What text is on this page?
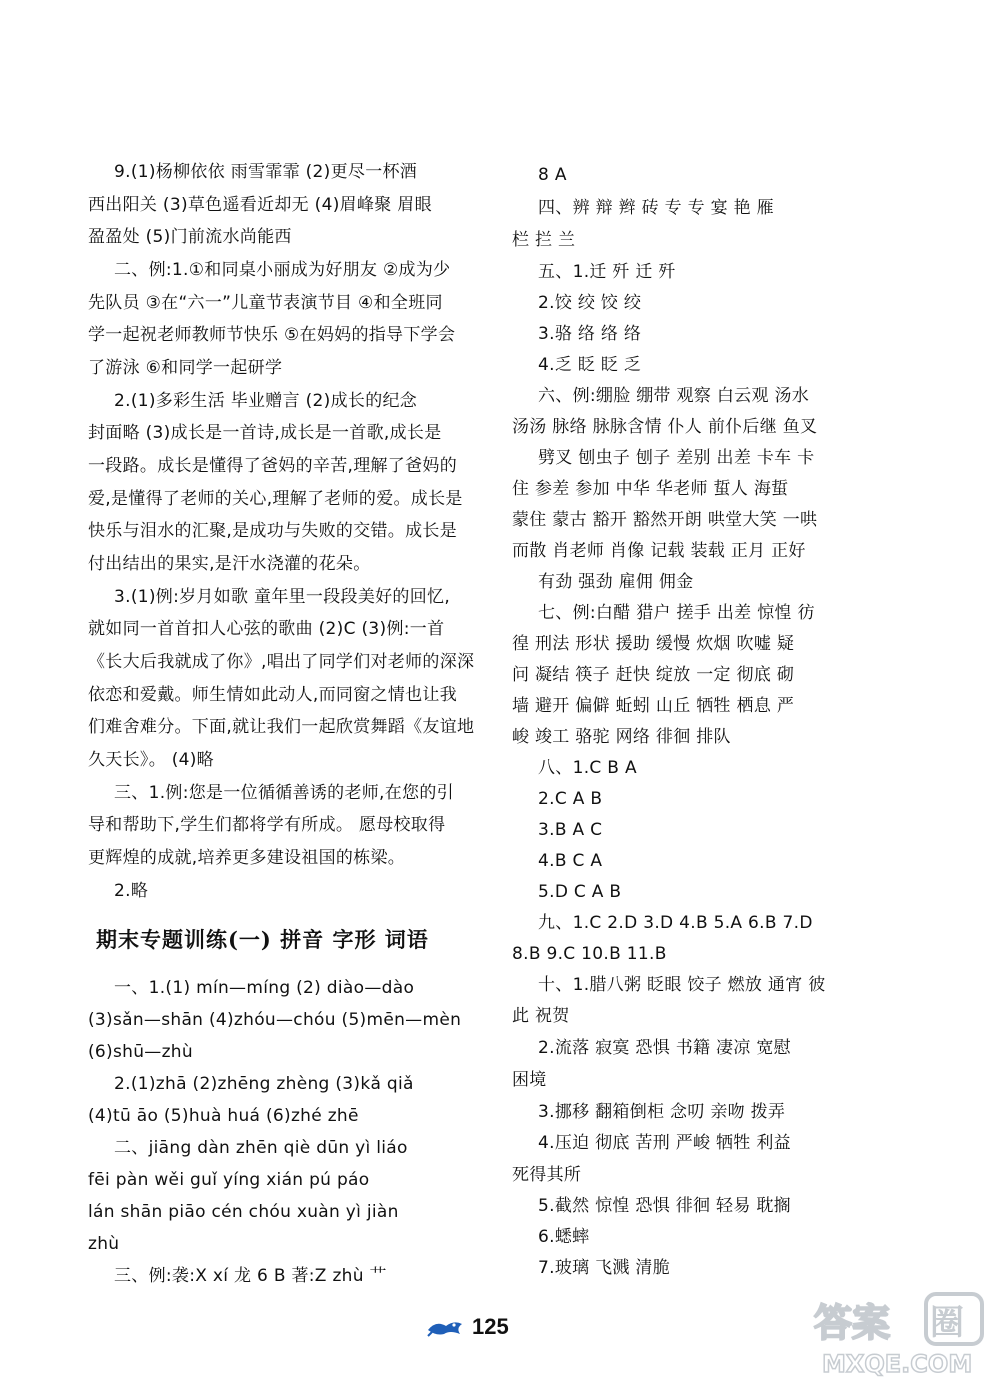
9.(1)杨柳依依 雨雪霏霏 (2)更尽一杯酒
西出阳关 (3)草色遥看近却无 (4)眉峰聚 眉眼
盈盈处 (5)门前流水尚能西
二、例:1.①和同桌小丽成为好朋友 ②成为少
先队员 ③在“六一”儿童节表演节目 ④和全班同
学一起祝老师教师节快乐 ⑤在妈妈的指导下学会
了游泳 ⑥和同学一起研学
2.(1)多彩生活 毕业赠言 (2)成长的纪念
封面略 (3)成长是一首诗,成长是一首歌,成长是
一段路。成长是懂得了爸妈的辛苦,理解了爸妈的
爱,是懂得了老师的关心,理解了老师的爱。成长是
快乐与泪水的汇聚,是成功与失败的交错。成长是
付出结出的果实,是汗水浇灌的花朵。
3.(1)例:岁月如歌 童年里一段段美好的回忆,
就如同一首首扣人心弦的歌曲 (2)C (3)例:一首
《长大后我就成了你》,唱出了同学们对老师的深深
依恋和爱戴。师生情如此动人,而同窗之情也让我
们难舍难分。下面,就让我们一起欣赏舞蹈《友谊地
久天长》。 (4)略
三、1.例:您是一位循循善诱的老师,在您的引
导和帮助下,学生们都将学有所成。 愿母校取得
更辉煌的成就,培养更多建设祖国的栋梁。
2.略
期末专题训练(一) 拼音 字形 词语
一、1.(1) mín—míng (2) diào—dào
(3)sǎn—shān (4)zhóu—chóu (5)mēn—mèn
(6)shū—zhù
2.(1)zhā (2)zhēng zhèng (3)kǎ qiǎ
(4)tū āo (5)huà huá (6)zhé zhē
二、jiāng dàn zhēn qiè dūn yì liáo
fēi pàn wěi guǐ yíng xián pú páo
lán shān piāo cén chóu xuàn yì jiàn
zhù
三、例:袭:X xí 龙 6 B 著:Z zhù 艹
8 A
四、辨 辩 辫 砖 专 专 宴 艳 雁
栏 拦 兰
五、1.迁 歼 迁 歼
2.饺 绞 饺 绞
3.骆 络 络 络
4.乏 眨 眨 乏
六、例:绷脸 绷带 观察 白云观 汤水
汤汤 脉络 脉脉含情 仆人 前仆后继 鱼叉
劈叉 刨虫子 刨子 差别 出差 卡车 卡
住 参差 参加 中华 华老师 蜇人 海蜇
蒙住 蒙古 豁开 豁然开朗 哄堂大笑 一哄
而散 肖老师 肖像 记载 装载 正月 正好
有劲 强劲 雇佣 佣金
七、例:白醋 猎户 搓手 出差 惊惶 彷
徨 刑法 形状 援助 缓慢 炊烟 吹嘘 疑
问 凝结 筷子 赶快 绽放 一定 彻底 砌
墙 避开 偏僻 蚯蚓 山丘 牺牲 栖息 严
峻 竣工 骆驼 网络 徘徊 排队
八、1.C B A
2.C A B
3.B A C
4.B C A
5.D C A B
九、1.C 2.D 3.D 4.B 5.A 6.B 7.D
8.B 9.C 10.B 11.B
十、1.腊八粥 眨眼 饺子 燃放 通宵 彼
此 祝贺
2.流落 寂寞 恐惧 书籍 凄凉 宽慰
困境
3.挪移 翻箱倒柜 念叨 亲吻 拨弄
4.压迫 彻底 苦刑 严峻 牺牲 利益
死得其所
5.截然 惊惶 恐惧 徘徊 轻易 耽搁
6.蟋蟀
7.玻璃 飞溅 清脆
125	答案 圈
MXQE.COM
